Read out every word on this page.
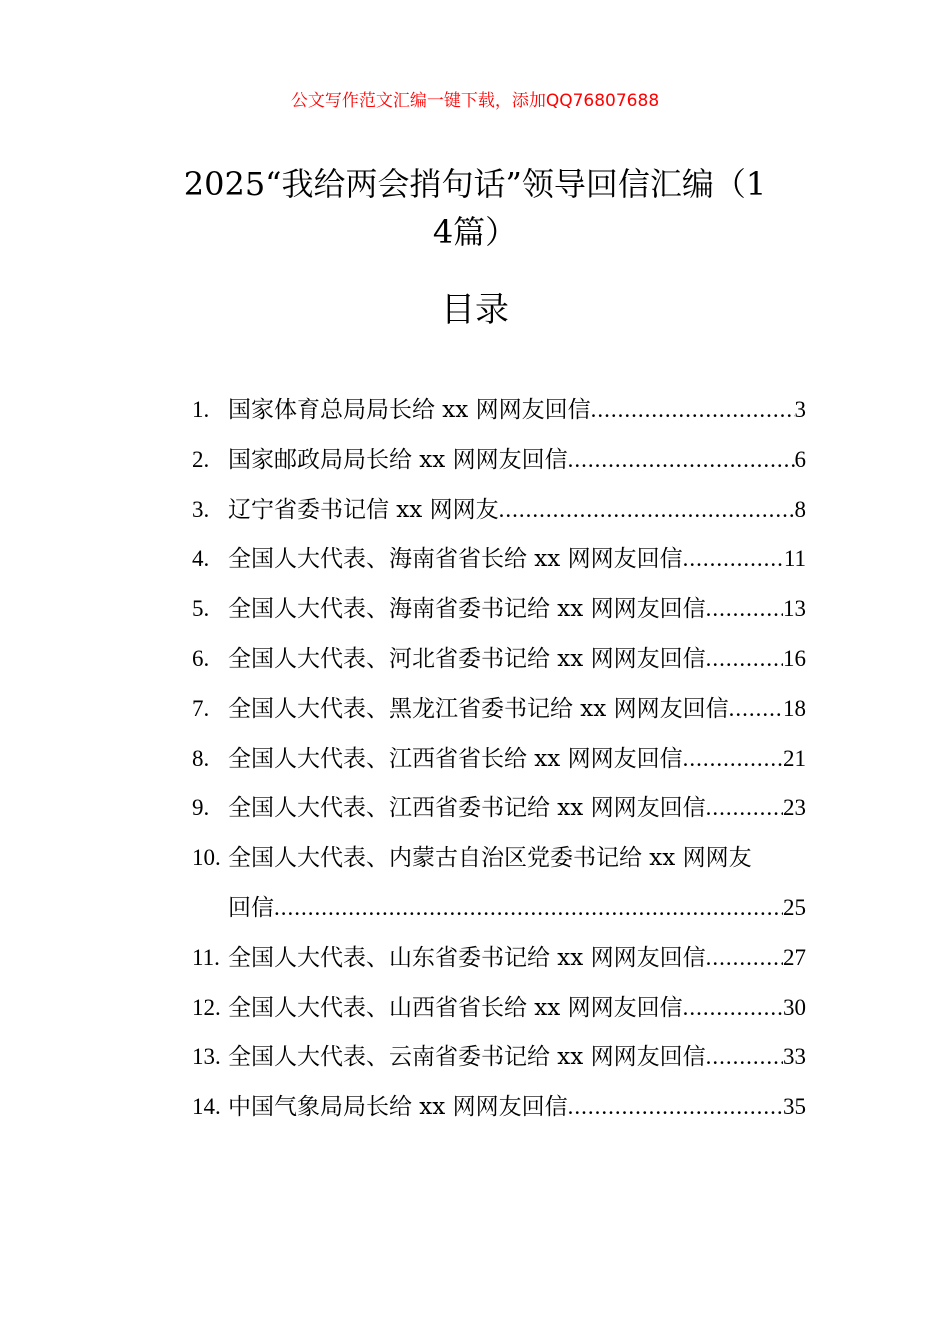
公文写作范文汇编一键下载，添加QQ76807688
2025“我给两会捎句话”领导回信汇编（1
4篇）
目录
1. 国家体育总局局长给 xx 网网友回信 .....	3
2. 国家邮政局局长给 xx 网网友回信 .....	6
3. 辽宁省委书记信 xx 网网友 .....	8
4. 全国人大代表、海南省省长给 xx 网网友回信 .....	11
5. 全国人大代表、海南省委书记给 xx 网网友回信 .....	13
6. 全国人大代表、河北省委书记给 xx 网网友回信 .....	16
7. 全国人大代表、黑龙江省委书记给 xx 网网友回信 ..... 18
8. 全国人大代表、江西省省长给 xx 网网友回信 .....	21
9. 全国人大代表、江西省委书记给 xx 网网友回信 .....	23
10. 全国人大代表、内蒙古自治区党委书记给 xx 网网友
回信 .....	25
11. 全国人大代表、山东省委书记给 xx 网网友回信 .....	27
12. 全国人大代表、山西省省长给 xx 网网友回信 .....	30
13. 全国人大代表、云南省委书记给 xx 网网友回信 .....	33
14. 中国气象局局长给 xx 网网友回信 .....	35
